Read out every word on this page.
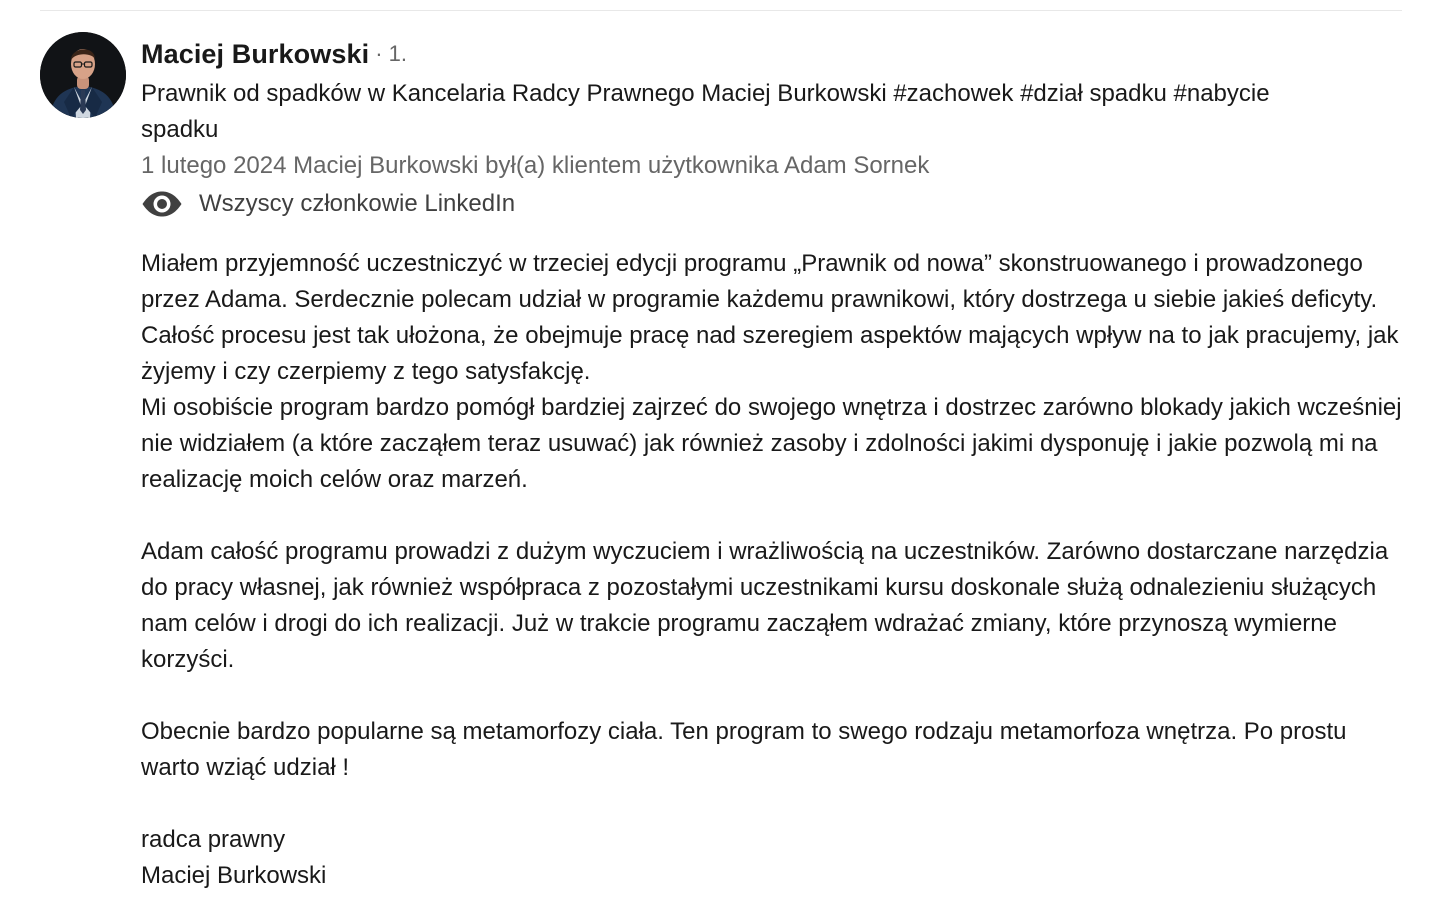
Maciej Burkowski · 1.
Prawnik od spadków w Kancelaria Radcy Prawnego Maciej Burkowski #zachowek #dział spadku #nabycie spadku
1 lutego 2024 Maciej Burkowski był(a) klientem użytkownika Adam Sornek
Wszyscy członkowie LinkedIn
Miałem przyjemność uczestniczyć w trzeciej edycji programu „Prawnik od nowa” skonstruowanego i prowadzonego przez Adama. Serdecznie polecam udział w programie każdemu prawnikowi, który dostrzega u siebie jakieś deficyty. Całość procesu jest tak ułożona, że obejmuje pracę nad szeregiem aspektów mających wpływ na to jak pracujemy, jak żyjemy i czy czerpiemy z tego satysfakcję.
Mi osobiście program bardzo pomógł bardziej zajrzeć do swojego wnętrza i dostrzec zarówno blokady jakich wcześniej nie widziałem (a które zacząłem teraz usuwać) jak również zasoby i zdolności jakimi dysponuję i jakie pozwolą mi na realizację moich celów oraz marzeń.

Adam całość programu prowadzi z dużym wyczuciem i wrażliwością na uczestników. Zarówno dostarczane narzędzia do pracy własnej, jak również współpraca z pozostałymi uczestnikami kursu doskonale służą odnalezieniu służących nam celów i drogi do ich realizacji. Już w trakcie programu zacząłem wdrażać zmiany, które przynoszą wymierne korzyści.

Obecnie bardzo popularne są metamorfozy ciała. Ten program to swego rodzaju metamorfoza wnętrza. Po prostu warto wziąć udział !

radca prawny
Maciej Burkowski
